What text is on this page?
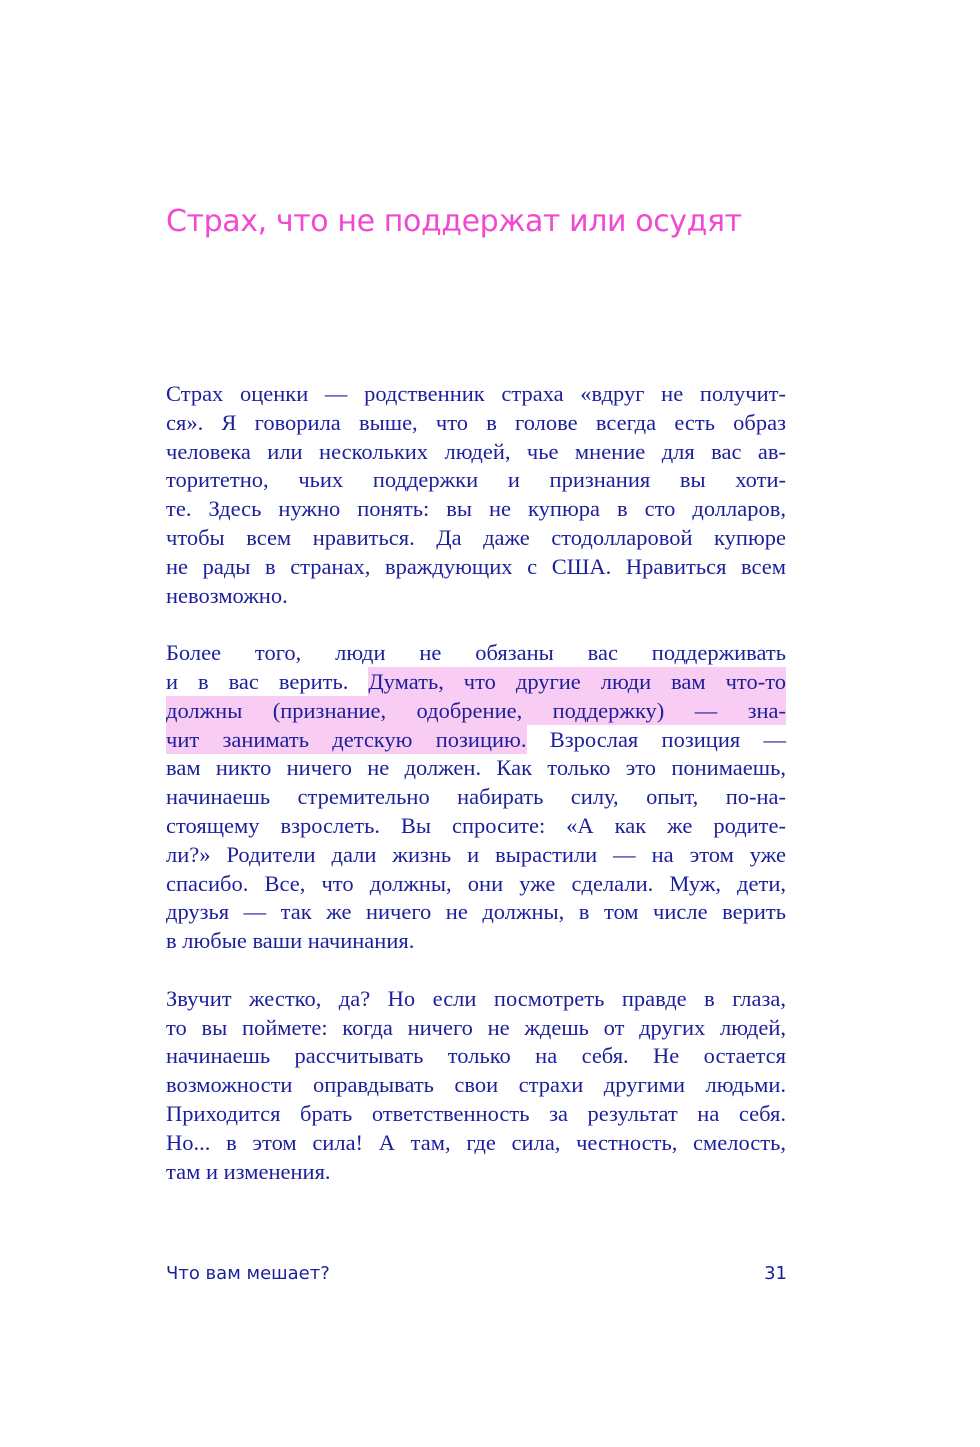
Страх, что не поддержат или осудят

Страх оценки — родственник страха «вдруг не получит-
ся». Я говорила выше, что в голове всегда есть образ
человека или нескольких людей, чье мнение для вас ав-
торитетно, чьих поддержки и признания вы хоти-
те. Здесь нужно понять: вы не купюра в сто долларов,
чтобы всем нравиться. Да даже стодолларовой купюре
не рады в странах, враждующих с США. Нравиться всем
невозможно.

Более того, люди не обязаны вас поддерживать
и в вас верить. Думать, что другие люди вам что-то
должны (признание, одобрение, поддержку) — зна-
чит занимать детскую позицию. Взрослая позиция —
вам никто ничего не должен. Как только это понимаешь,
начинаешь стремительно набирать силу, опыт, по-на-
стоящему взрослеть. Вы спросите: «А как же родите-
ли?» Родители дали жизнь и вырастили — на этом уже
спасибо. Все, что должны, они уже сделали. Муж, дети,
друзья — так же ничего не должны, в том числе верить
в любые ваши начинания.

Звучит жестко, да? Но если посмотреть правде в глаза,
то вы поймете: когда ничего не ждешь от других людей,
начинаешь рассчитывать только на себя. Не остается
возможности оправдывать свои страхи другими людьми.
Приходится брать ответственность за результат на себя.
Но... в этом сила! А там, где сила, честность, смелость,
там и изменения.

Что вам мешает?	31
